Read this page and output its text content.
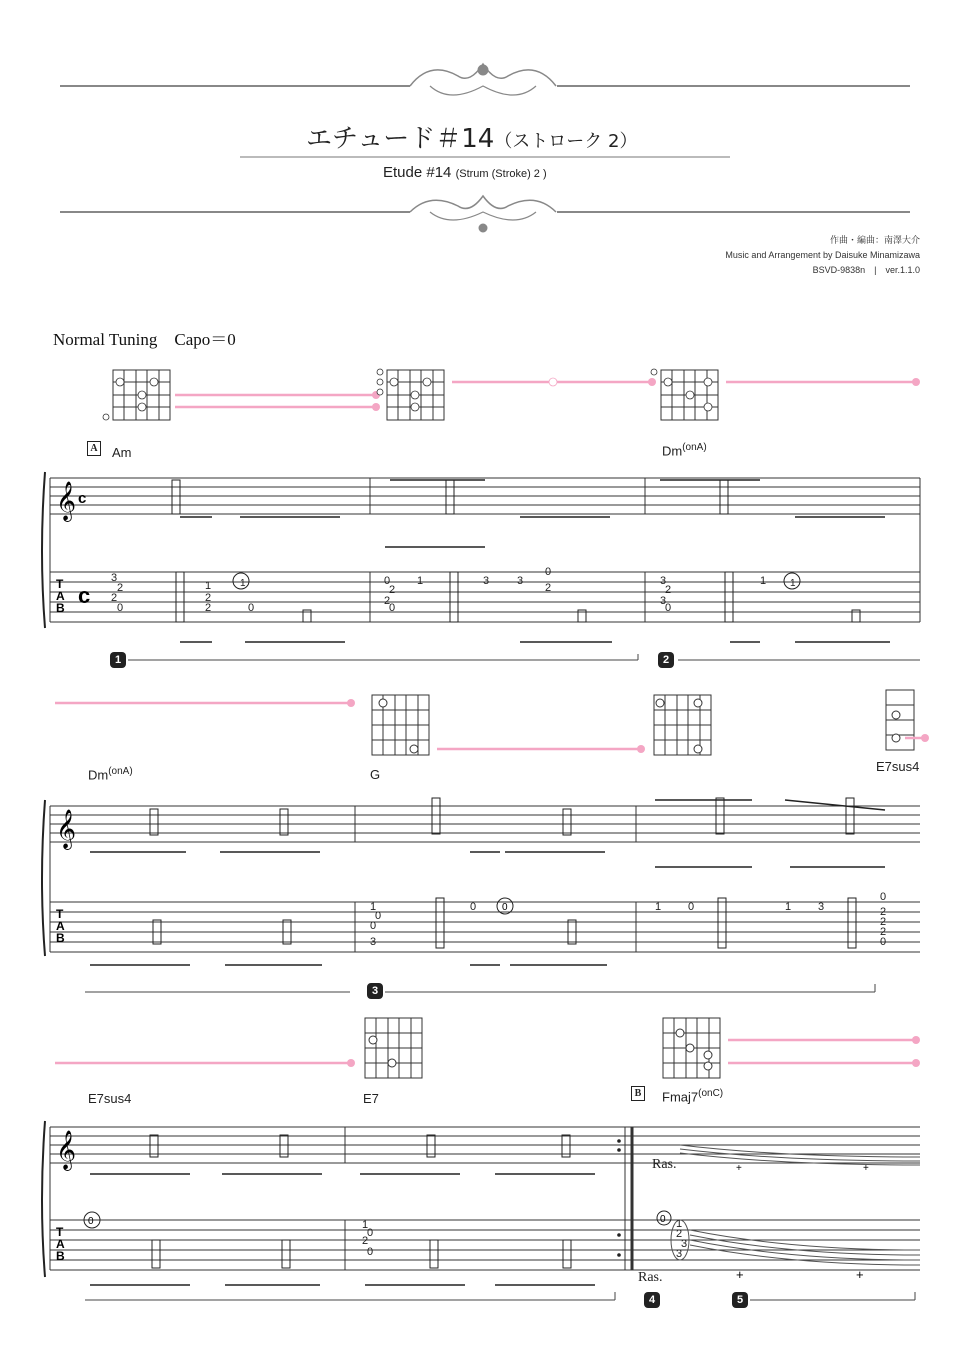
エチュード＃14（ストローク 2）
Etude #14 (Strum (Stroke) 2 )
作曲・編曲：南澤大介
Music and Arrangement by Daisuke Minamizawa
BSVD-9838n　|　ver.1.1.0
Normal Tuning　Capo＝0
A Am	$Dm^{(onA)}$
𝄞 c
T
A
B c
3
2
2
0
1
2
2	0
0
2
2
0
1	3	3
0
2
3
2
3
0
1
1	1
1	2
$Dm^{(onA)}$	G
E7sus4
𝄞
T
A
B
1
0
0
3
0	1 0	1 3
0
2
2
2
0
0
3
E7sus4	E7	B $Fmaj7^{(onC)}$
𝄞
T
A
B
1
2
0
0
1
2
3
3
0	0
+	+
+	+
Ras.
Ras.
4	5
